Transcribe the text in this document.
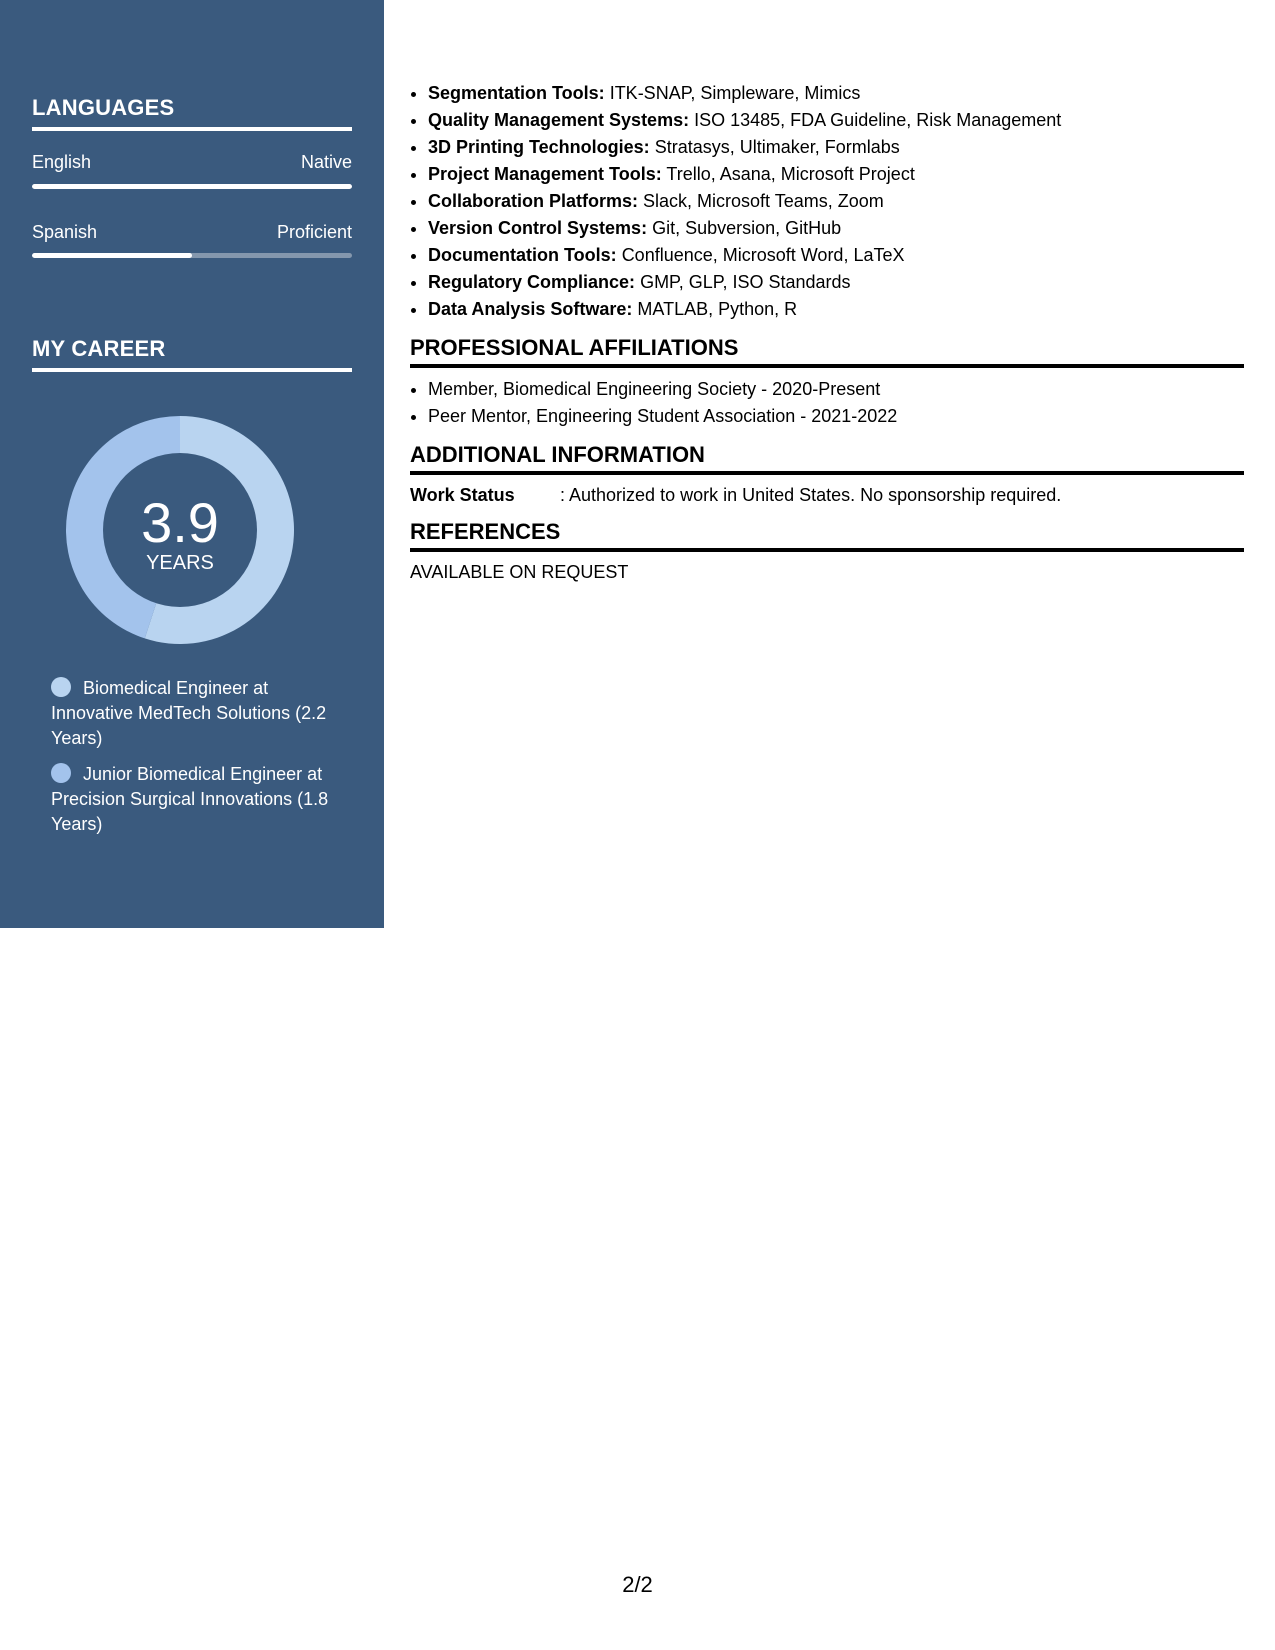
LANGUAGES
English	Native
Spanish	Proficient
MY CAREER
3.9
YEARS
Biomedical Engineer at Innovative MedTech Solutions (2.2 Years)
Junior Biomedical Engineer at Precision Surgical Innovations (1.8 Years)
• Segmentation Tools: ITK-SNAP, Simpleware, Mimics
• Quality Management Systems: ISO 13485, FDA Guideline, Risk Management
• 3D Printing Technologies: Stratasys, Ultimaker, Formlabs
• Project Management Tools: Trello, Asana, Microsoft Project
• Collaboration Platforms: Slack, Microsoft Teams, Zoom
• Version Control Systems: Git, Subversion, GitHub
• Documentation Tools: Confluence, Microsoft Word, LaTeX
• Regulatory Compliance: GMP, GLP, ISO Standards
• Data Analysis Software: MATLAB, Python, R
PROFESSIONAL AFFILIATIONS
• Member, Biomedical Engineering Society - 2020-Present
• Peer Mentor, Engineering Student Association - 2021-2022
ADDITIONAL INFORMATION
Work Status	: Authorized to work in United States. No sponsorship required.
REFERENCES
AVAILABLE ON REQUEST
2/2
